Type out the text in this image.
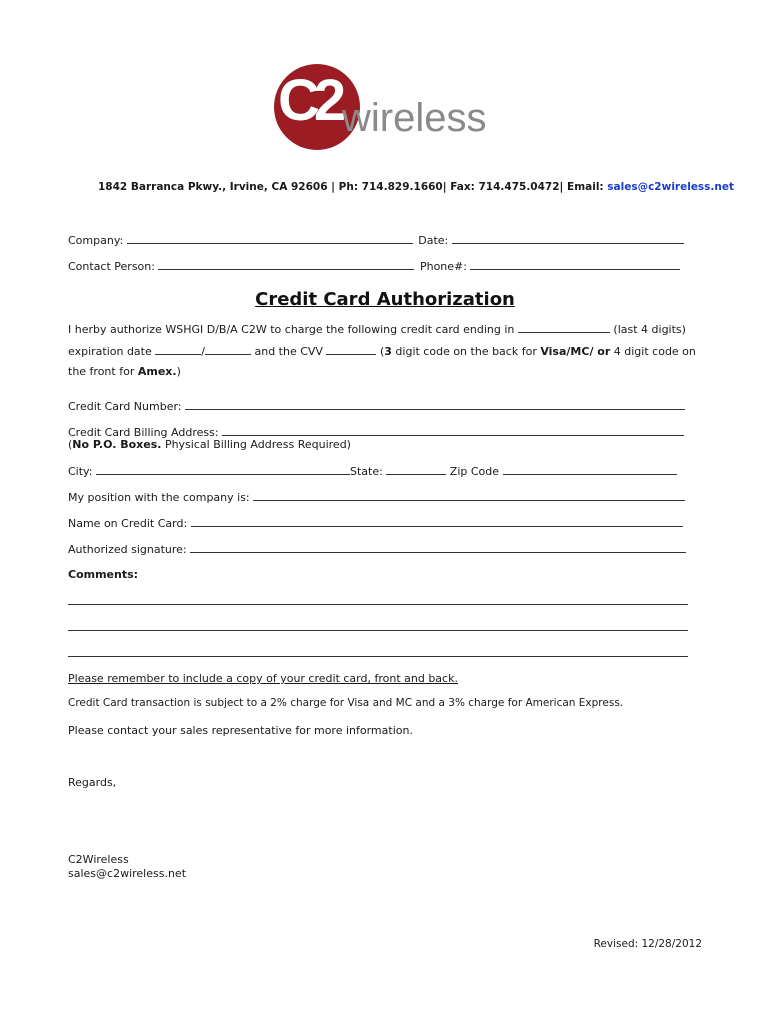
C2 wireless
1842 Barranca Pkwy., Irvine, CA 92606 | Ph: 714.829.1660| Fax: 714.475.0472| Email: sales@c2wireless.net
Company:	Date:
Contact Person:	Phone#:
Credit Card Authorization
I herby authorize WSHGI D/B/A C2W to charge the following credit card ending in	(last 4 digits)
expiration date	/	and the CVV	(3 digit code on the back for Visa/MC/ or 4 digit code on
the front for Amex.)
Credit Card Number:
Credit Card Billing Address:
(No P.O. Boxes. Physical Billing Address Required)
City:	State:	Zip Code
My position with the company is:
Name on Credit Card:
Authorized signature:
Comments:
Please remember to include a copy of your credit card, front and back.
Credit Card transaction is subject to a 2% charge for Visa and MC and a 3% charge for American Express.
Please contact your sales representative for more information.
Regards,
C2Wireless
sales@c2wireless.net
Revised: 12/28/2012
